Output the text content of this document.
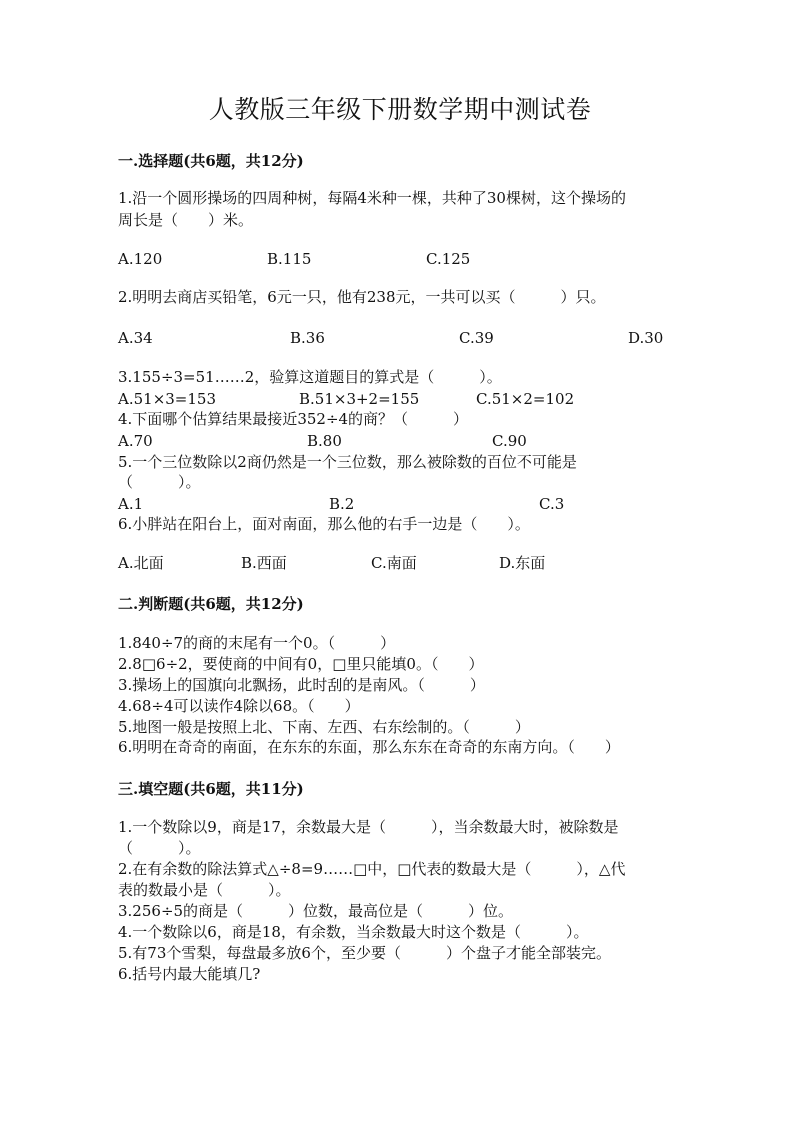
人教版三年级下册数学期中测试卷
一.选择题(共6题，共12分)
1.沿一个圆形操场的四周种树，每隔4米种一棵，共种了30棵树，这个操场的
周长是（　　）米。
A.120	B.115	C.125
2.明明去商店买铅笔，6元一只，他有238元，一共可以买（　　　）只。
A.34	B.36	C.39	D.30
3.155÷3=51……2，验算这道题目的算式是（　　　）。
A.51×3=153	B.51×3+2=155	C.51×2=102
4.下面哪个估算结果最接近352÷4的商？（　　　）
A.70	B.80	C.90
5.一个三位数除以2商仍然是一个三位数，那么被除数的百位不可能是
（　　　）。
A.1	B.2	C.3
6.小胖站在阳台上，面对南面，那么他的右手一边是（　　）。
A.北面	B.西面	C.南面	D.东面
二.判断题(共6题，共12分)
1.840÷7的商的末尾有一个0。（　　　）
2.8□6÷2，要使商的中间有0，□里只能填0。（　　）
3.操场上的国旗向北飘扬，此时刮的是南风。（　　　）
4.68÷4可以读作4除以68。（　　）
5.地图一般是按照上北、下南、左西、右东绘制的。（　　　）
6.明明在奇奇的南面，在东东的东面，那么东东在奇奇的东南方向。（　　）
三.填空题(共6题，共11分)
1.一个数除以9，商是17，余数最大是（　　　），当余数最大时，被除数是
（　　　）。
2.在有余数的除法算式△÷8=9……□中，□代表的数最大是（　　　），△代
表的数最小是（　　　）。
3.256÷5的商是（　　　）位数，最高位是（　　　）位。
4.一个数除以6，商是18，有余数，当余数最大时这个数是（　　　）。
5.有73个雪梨，每盘最多放6个，至少要（　　　）个盘子才能全部装完。
6.括号内最大能填几?
